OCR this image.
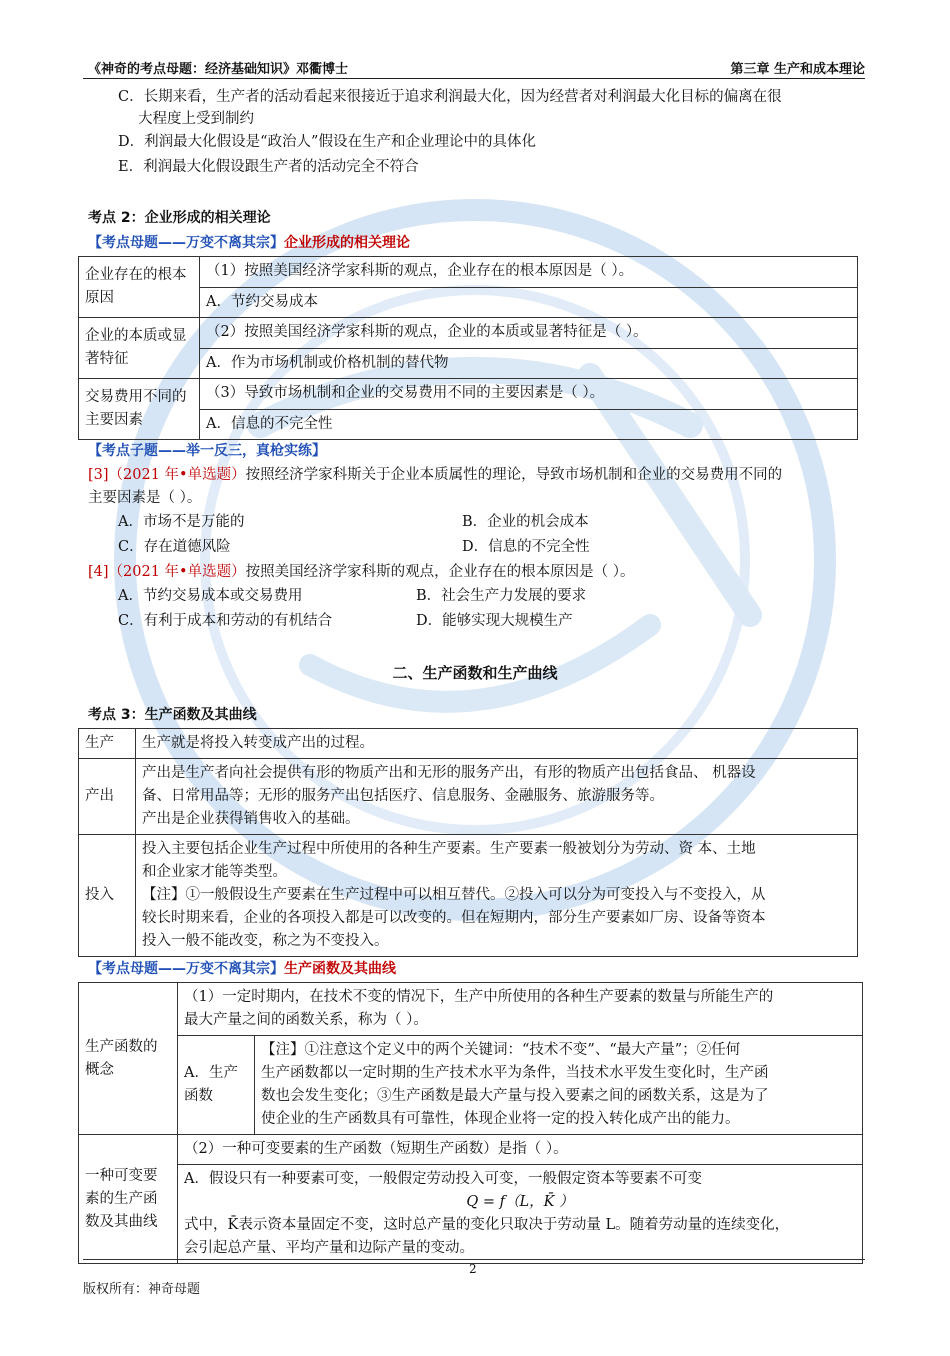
《神奇的考点母题：经济基础知识》邓衢博士	第三章 生产和成本理论
C．长期来看，生产者的活动看起来很接近于追求利润最大化，因为经营者对利润最大化目标的偏离在很
大程度上受到制约
D．利润最大化假设是“政治人”假设在生产和企业理论中的具体化
E．利润最大化假设跟生产者的活动完全不符合
考点 2：企业形成的相关理论
【考点母题——万变不离其宗】企业形成的相关理论
企业存在的根本原因	（1）按照美国经济学家科斯的观点，企业存在的根本原因是（ ）。
	A．节约交易成本
企业的本质或显著特征	（2）按照美国经济学家科斯的观点，企业的本质或显著特征是（ ）。
	A．作为市场机制或价格机制的替代物
交易费用不同的主要因素	（3）导致市场机制和企业的交易费用不同的主要因素是（ ）。
	A．信息的不完全性
【考点子题——举一反三，真枪实练】
[3]（2021 年•单选题）按照经济学家科斯关于企业本质属性的理论，导致市场机制和企业的交易费用不同的
主要因素是（ ）。
A．市场不是万能的	B．企业的机会成本
C．存在道德风险	D．信息的不完全性
[4]（2021 年•单选题）按照美国经济学家科斯的观点，企业存在的根本原因是（ ）。
A．节约交易成本或交易费用	B．社会生产力发展的要求
C．有利于成本和劳动的有机结合	D．能够实现大规模生产
二、生产函数和生产曲线
考点 3：生产函数及其曲线
生产	生产就是将投入转变成产出的过程。
产出	产出是生产者向社会提供有形的物质产出和无形的服务产出，有形的物质产出包括食品、 机器设
备、日常用品等；无形的服务产出包括医疗、信息服务、金融服务、旅游服务等。
产出是企业获得销售收入的基础。

投入	投入主要包括企业生产过程中所使用的各种生产要素。生产要素一般被划分为劳动、资 本、土地
和企业家才能等类型。
【注】①一般假设生产要素在生产过程中可以相互替代。②投入可以分为可变投入与不变投入，从
较长时期来看，企业的各项投入都是可以改变的。但在短期内，部分生产要素如厂房、设备等资本
投入一般不能改变，称之为不变投入。
【考点母题——万变不离其宗】生产函数及其曲线
生产函数的概念	（1）一定时期内，在技术不变的情况下，生产中所使用的各种生产要素的数量与所能生产的
最大产量之间的函数关系，称为（ ）。	

	A．生产函数	【注】①注意这个定义中的两个关键词：“技术不变”、“最大产量”；②任何
生产函数都以一定时期的生产技术水平为条件，当技术水平发生变化时，生产函
数也会发生变化；③生产函数是最大产量与投入要素之间的函数关系，这是为了
使企业的生产函数具有可靠性，体现企业将一定的投入转化成产出的能力。

一种可变要素的生产函数及其曲线	（2）一种可变要素的生产函数（短期生产函数）是指（ ）。	

	A．假设只有一种要素可变，一般假定劳动投入可变，一般假定资本等要素不可变
Q = f（L，K̄ ）
式中，K̄表示资本量固定不变，这时总产量的变化只取决于劳动量 L。随着劳动量的连续变化，
会引起总产量、平均产量和边际产量的变动。	
2
版权所有：神奇母题
